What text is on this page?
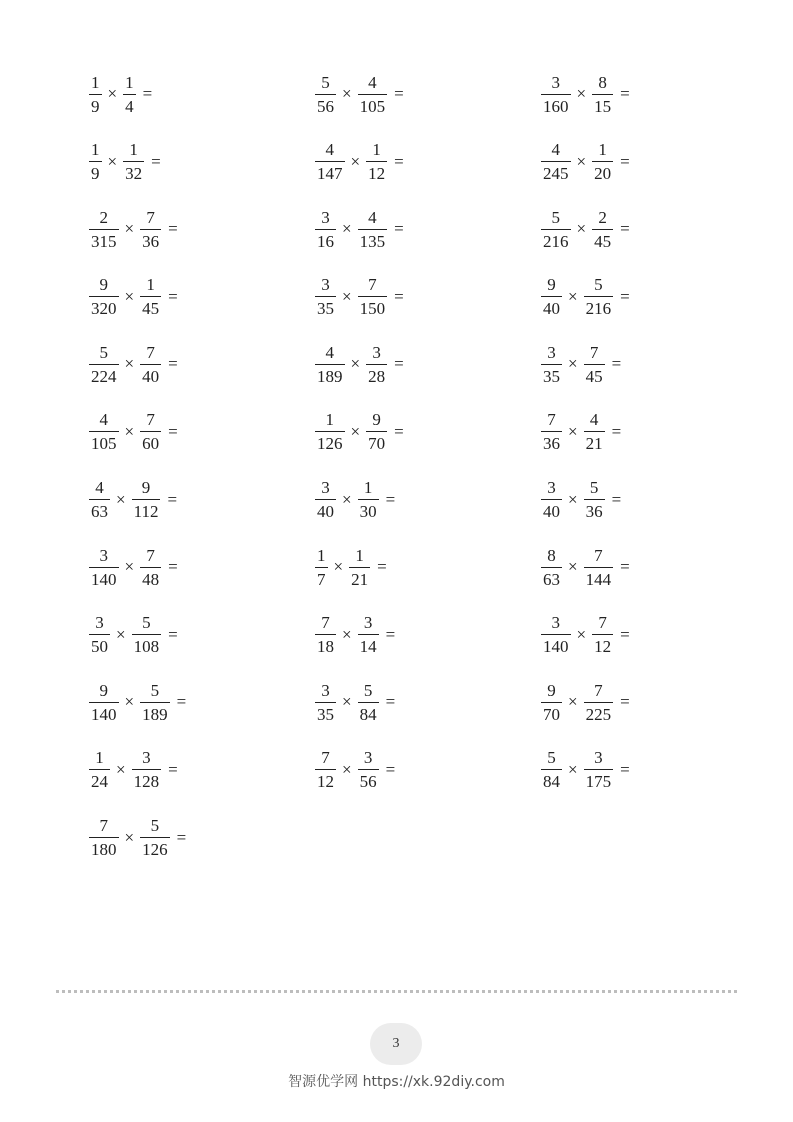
$\frac{1}{9} \times \frac{1}{4}$ =	$\frac{5}{56} \times \frac{4}{105}$ =	$\frac{3}{160} \times \frac{8}{15}$ =
$\frac{1}{9} \times \frac{1}{32}$ =	$\frac{4}{147} \times \frac{1}{12}$ =	$\frac{4}{245} \times \frac{1}{20}$ =
$\frac{2}{315} \times \frac{7}{36}$ =	$\frac{3}{16} \times \frac{4}{135}$ =	$\frac{5}{216} \times \frac{2}{45}$ =
$\frac{9}{320} \times \frac{1}{45}$ =	$\frac{3}{35} \times \frac{7}{150}$ =	$\frac{9}{40} \times \frac{5}{216}$ =
$\frac{5}{224} \times \frac{7}{40}$ =	$\frac{4}{189} \times \frac{3}{28}$ =	$\frac{3}{35} \times \frac{7}{45}$ =
$\frac{4}{105} \times \frac{7}{60}$ =	$\frac{1}{126} \times \frac{9}{70}$ =	$\frac{7}{36} \times \frac{4}{21}$ =
$\frac{4}{63} \times \frac{9}{112}$ =	$\frac{3}{40} \times \frac{1}{30}$ =	$\frac{3}{40} \times \frac{5}{36}$ =
$\frac{3}{140} \times \frac{7}{48}$ =	$\frac{1}{7} \times \frac{1}{21}$ =	$\frac{8}{63} \times \frac{7}{144}$ =
$\frac{3}{50} \times \frac{5}{108}$ =	$\frac{7}{18} \times \frac{3}{14}$ =	$\frac{3}{140} \times \frac{7}{12}$ =
$\frac{9}{140} \times \frac{5}{189}$ =	$\frac{3}{35} \times \frac{5}{84}$ =	$\frac{9}{70} \times \frac{7}{225}$ =
$\frac{1}{24} \times \frac{3}{128}$ =	$\frac{7}{12} \times \frac{3}{56}$ =	$\frac{5}{84} \times \frac{3}{175}$ =
$\frac{7}{180} \times \frac{5}{126}$ =
3
智源优学网 https://xk.92diy.com
